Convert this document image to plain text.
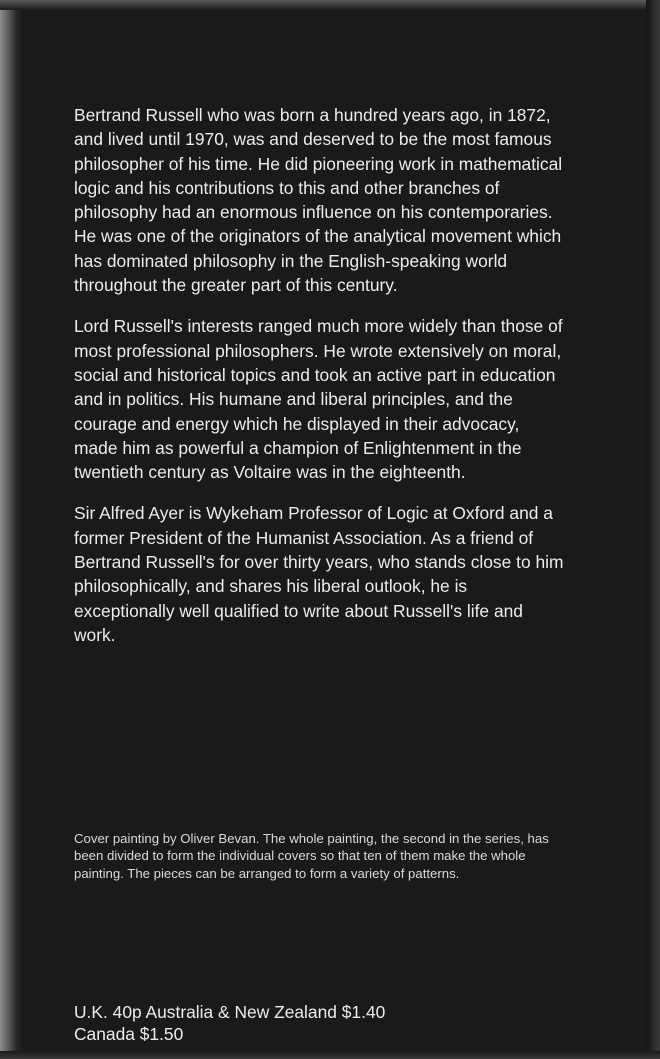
Bertrand Russell who was born a hundred years ago, in 1872, and lived until 1970, was and deserved to be the most famous philosopher of his time. He did pioneering work in mathematical logic and his contributions to this and other branches of philosophy had an enormous influence on his contemporaries. He was one of the originators of the analytical movement which has dominated philosophy in the English-speaking world throughout the greater part of this century.

Lord Russell's interests ranged much more widely than those of most professional philosophers. He wrote extensively on moral, social and historical topics and took an active part in education and in politics. His humane and liberal principles, and the courage and energy which he displayed in their advocacy, made him as powerful a champion of Enlightenment in the twentieth century as Voltaire was in the eighteenth.

Sir Alfred Ayer is Wykeham Professor of Logic at Oxford and a former President of the Humanist Association. As a friend of Bertrand Russell's for over thirty years, who stands close to him philosophically, and shares his liberal outlook, he is exceptionally well qualified to write about Russell's life and work.

Cover painting by Oliver Bevan. The whole painting, the second in the series, has been divided to form the individual covers so that ten of them make the whole painting. The pieces can be arranged to form a variety of patterns.

U.K. 40p Australia & New Zealand $1.40
Canada $1.50
